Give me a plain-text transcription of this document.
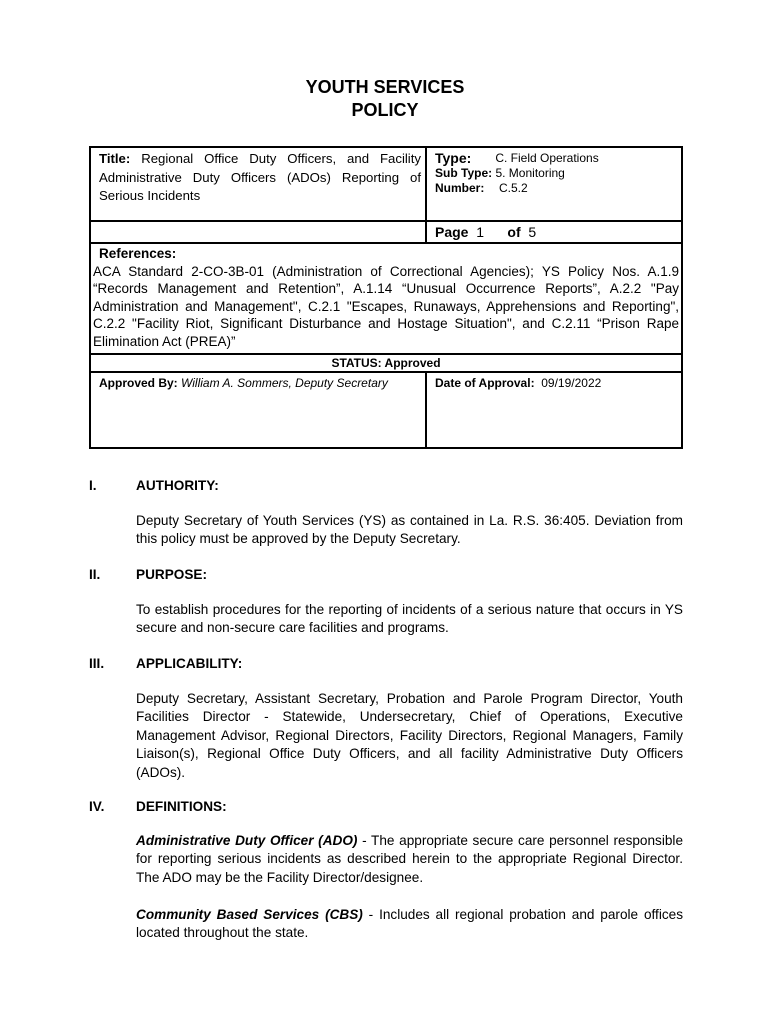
YOUTH SERVICES
POLICY
Title: Regional Office Duty Officers, and Facility Administrative Duty Officers (ADOs) Reporting of Serious Incidents
Type: C. Field Operations
Sub Type:
5. Monitoring
Number:	C.5.2
Page 1 of 5
References:
ACA Standard 2-CO-3B-01 (Administration of Correctional Agencies); YS Policy Nos. A.1.9 “Records Management and Retention”, A.1.14 “Unusual Occurrence Reports”, A.2.2 "Pay Administration and Management", C.2.1 "Escapes, Runaways, Apprehensions and Reporting", C.2.2 "Facility Riot, Significant Disturbance and Hostage Situation", and C.2.11 “Prison Rape Elimination Act (PREA)”
STATUS: Approved
Approved By: William A. Sommers, Deputy Secretary	Date of Approval: 09/19/2022
I.	AUTHORITY:
Deputy Secretary of Youth Services (YS) as contained in La. R.S. 36:405. Deviation from this policy must be approved by the Deputy Secretary.
II.	PURPOSE:
To establish procedures for the reporting of incidents of a serious nature that occurs in YS secure and non-secure care facilities and programs.
III. APPLICABILITY:
Deputy Secretary, Assistant Secretary, Probation and Parole Program Director, Youth Facilities Director - Statewide, Undersecretary, Chief of Operations, Executive Management Advisor, Regional Directors, Facility Directors, Regional Managers, Family Liaison(s), Regional Office Duty Officers, and all facility Administrative Duty Officers (ADOs).
IV. DEFINITIONS:
Administrative Duty Officer (ADO) - The appropriate secure care personnel responsible for reporting serious incidents as described herein to the appropriate Regional Director. The ADO may be the Facility Director/designee.
Community Based Services (CBS) - Includes all regional probation and parole offices located throughout the state.
